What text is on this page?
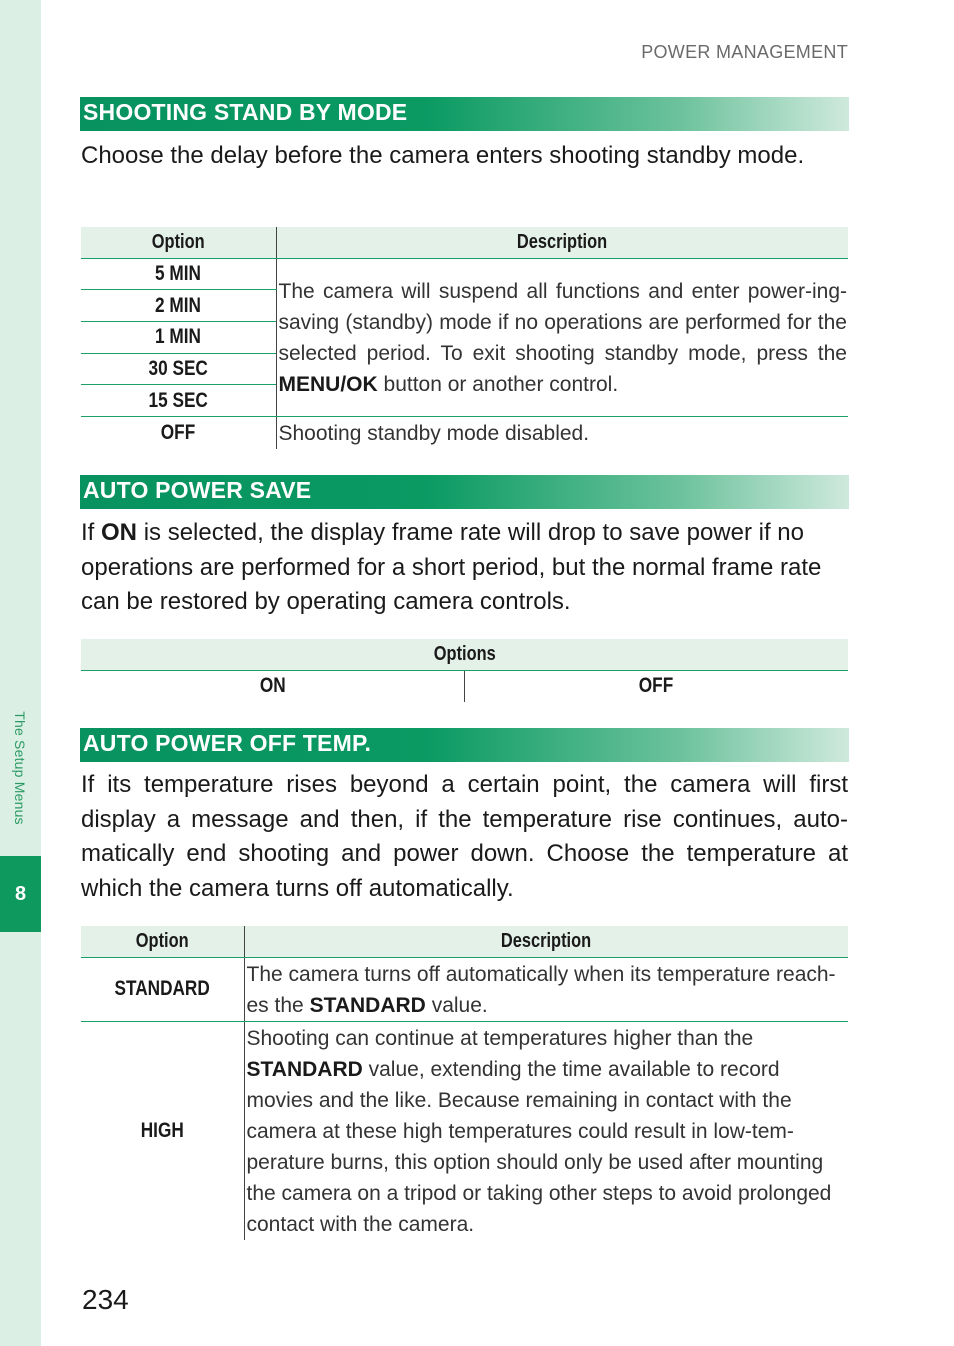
The Setup Menus
8
POWER MANAGEMENT
SHOOTING STAND BY MODE

Choose the delay before the camera enters shooting standby mode.

Option	Description
5 MIN	The camera will suspend all functions and enter power-ing-saving (standby) mode if no operations are performed for the selected period. To exit shooting standby mode, press the MENU/OK button or another control.
2 MIN	
1 MIN	
30 SEC	
15 SEC	
OFF	Shooting standby mode disabled.
AUTO POWER SAVE

If ON is selected, the display frame rate will drop to save power if no operations are performed for a short period, but the normal frame rate can be restored by operating camera controls.

Options
ON	OFF
AUTO POWER OFF TEMP.

If its temperature rises beyond a certain point, the camera will first display a message and then, if the temperature rise continues, auto-matically end shooting and power down. Choose the temperature at which the camera turns off automatically.

Option	Description
STANDARD	The camera turns off automatically when its temperature reach-es the STANDARD value.
HIGH	Shooting can continue at temperatures higher than the STANDARD value, extending the time available to record movies and the like. Because remaining in contact with the camera at these high temperatures could result in low-tem-perature burns, this option should only be used after mounting the camera on a tripod or taking other steps to avoid prolonged contact with the camera.
234
